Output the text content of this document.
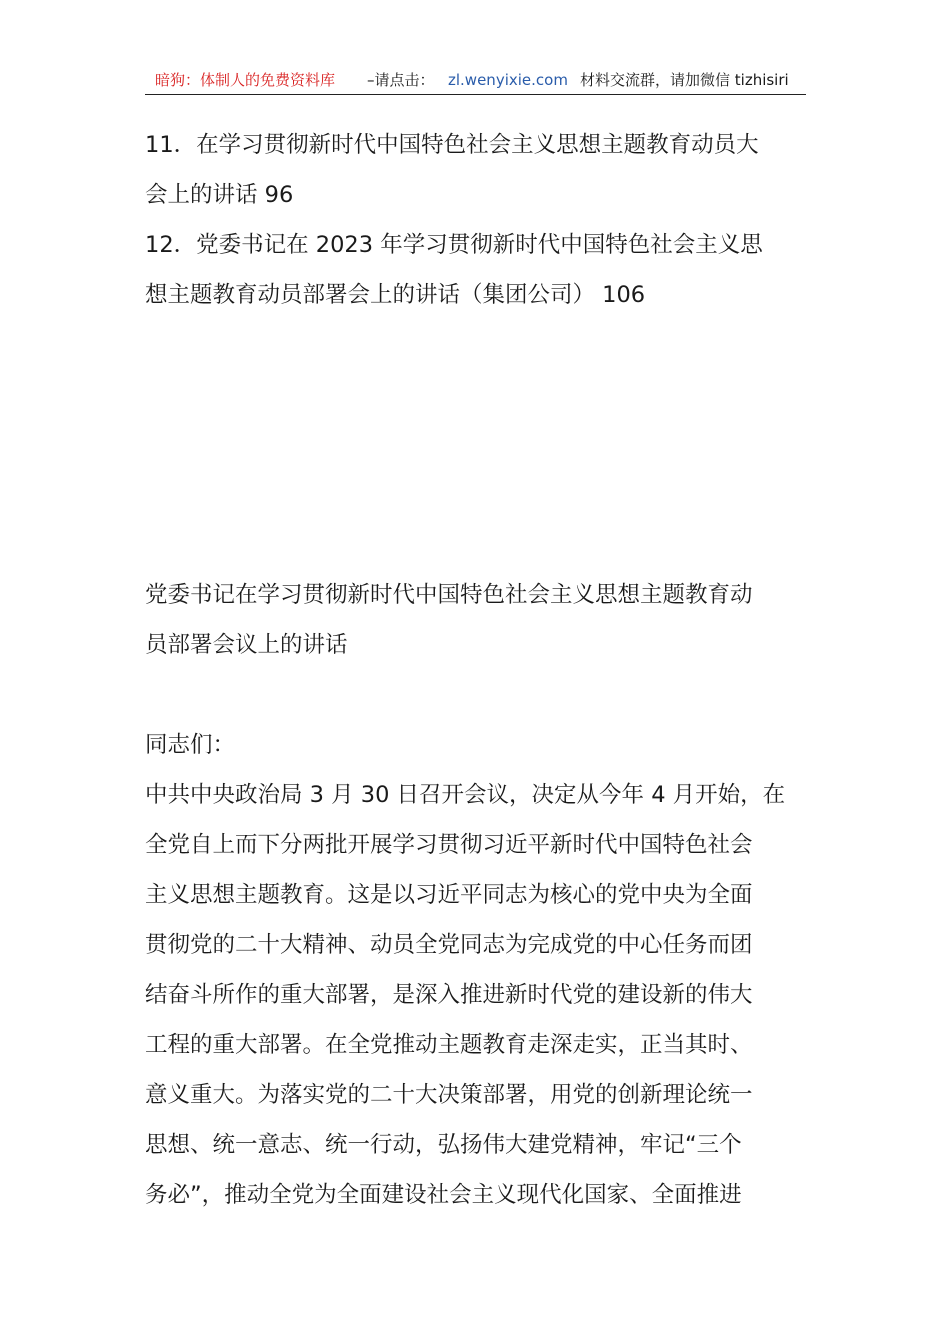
暗狗：体制人的免费资料库 –请点击： zl.wenyixie.com 材料交流群，请加微信 tizhisiri

11．在学习贯彻新时代中国特色社会主义思想主题教育动员大

会上的讲话 96

12．党委书记在 2023 年学习贯彻新时代中国特色社会主义思

想主题教育动员部署会上的讲话（集团公司） 106

党委书记在学习贯彻新时代中国特色社会主义思想主题教育动

员部署会议上的讲话

同志们：

中共中央政治局 3 月 30 日召开会议，决定从今年 4 月开始，在

全党自上而下分两批开展学习贯彻习近平新时代中国特色社会

主义思想主题教育。这是以习近平同志为核心的党中央为全面

贯彻党的二十大精神、动员全党同志为完成党的中心任务而团

结奋斗所作的重大部署，是深入推进新时代党的建设新的伟大

工程的重大部署。在全党推动主题教育走深走实，正当其时、

意义重大。为落实党的二十大决策部署，用党的创新理论统一

思想、统一意志、统一行动，弘扬伟大建党精神，牢记“三个

务必”，推动全党为全面建设社会主义现代化国家、全面推进
